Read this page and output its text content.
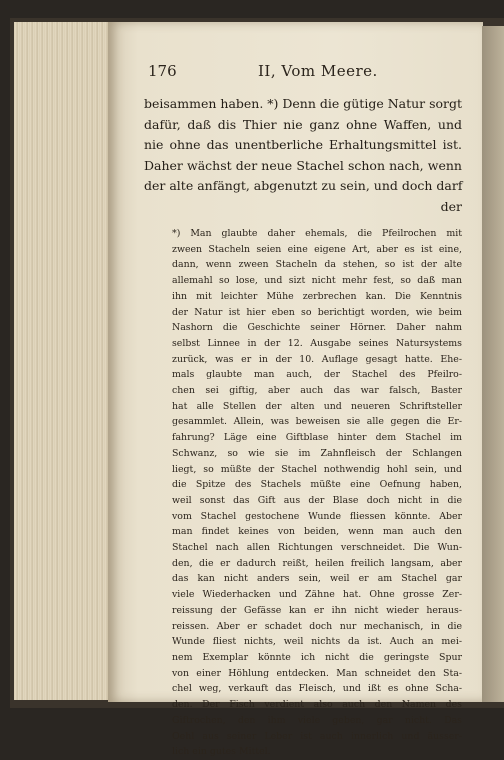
176	II, Vom Meere.
beisammen haben. *) Denn die gütige Natur sorgt
dafür, daß dis Thier nie ganz ohne Waffen, und
nie ohne das unentberliche Erhaltungsmittel ist.
Daher wächst der neue Stachel schon nach, wenn
der alte anfängt, abgenutzt zu sein, und doch darf
der
*) Man glaubte daher ehemals, die Pfeilrochen mit
zween Stacheln seien eine eigene Art, aber es ist eine,
dann, wenn zween Stacheln da stehen, so ist der alte
allemahl so lose, und sizt nicht mehr fest, so daß man
ihn mit leichter Mühe zerbrechen kan. Die Kenntnis
der Natur ist hier eben so berichtigt worden, wie beim
Nashorn die Geschichte seiner Hörner. Daher nahm
selbst Linnee in der 12. Ausgabe seines Natursystems
zurück, was er in der 10. Auflage gesagt hatte. Ehe-
mals glaubte man auch, der Stachel des Pfeilro-
chen sei giftig, aber auch das war falsch, Baster
hat alle Stellen der alten und neueren Schriftsteller
gesammlet. Allein, was beweisen sie alle gegen die Er-
fahrung? Läge eine Giftblase hinter dem Stachel im
Schwanz, so wie sie im Zahnfleisch der Schlangen
liegt, so müßte der Stachel nothwendig hohl sein, und
die Spitze des Stachels müßte eine Oefnung haben,
weil sonst das Gift aus der Blase doch nicht in die
vom Stachel gestochene Wunde fliessen könnte. Aber
man findet keines von beiden, wenn man auch den
Stachel nach allen Richtungen verschneidet. Die Wun-
den, die er dadurch reißt, heilen freilich langsam, aber
das kan nicht anders sein, weil er am Stachel gar
viele Wiederhacken und Zähne hat. Ohne grosse Zer-
reissung der Gefässe kan er ihn nicht wieder heraus-
reissen. Aber er schadet doch nur mechanisch, in die
Wunde fliest nichts, weil nichts da ist. Auch an mei-
nem Exemplar könnte ich nicht die geringste Spur
von einer Höhlung entdecken. Man schneidet den Sta-
chel weg, verkauft das Fleisch, und ißt es ohne Scha-
den. Der Fisch verdient also auch den Namen des
Giftrochen, den ihm viele geben, gar nicht. Das
Oehl aus seiner Leber ist auch innerlich und äusser-
lich ein gutes Mittel.
